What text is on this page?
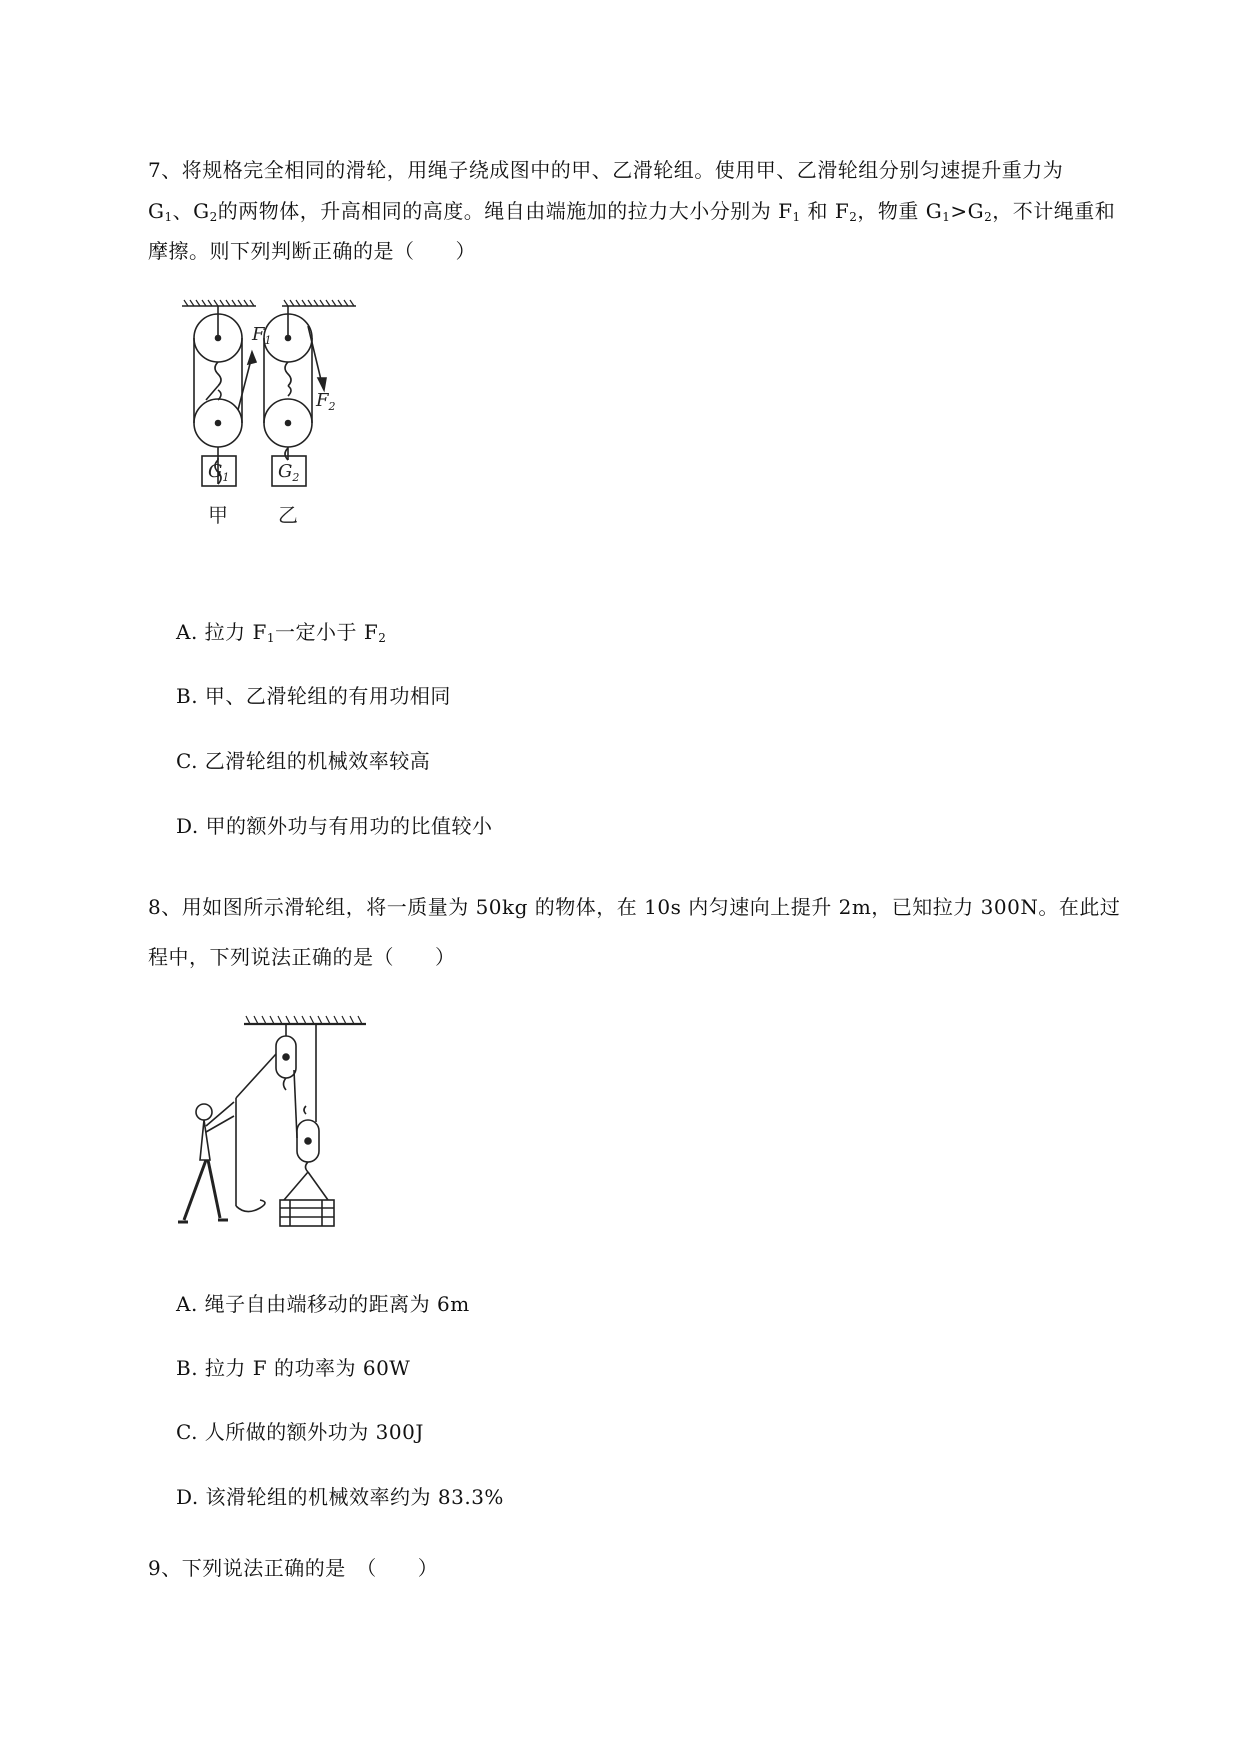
7、将规格完全相同的滑轮，用绳子绕成图中的甲、乙滑轮组。使用甲、乙滑轮组分别匀速提升重力为
$G_1$、$G_2$的两物体，升高相同的高度。绳自由端施加的拉力大小分别为 $F_1$ 和 $F_2$，物重 $G_1>G_2$，不计绳重和
摩擦。则下列判断正确的是（　　）
$F_1$
$F_2$
$G_1$	$G_2$
甲	乙
A. 拉力 $F_1$一定小于 $F_2$
B. 甲、乙滑轮组的有用功相同
C. 乙滑轮组的机械效率较高
D. 甲的额外功与有用功的比值较小
8、用如图所示滑轮组，将一质量为 50kg 的物体，在 10s 内匀速向上提升 2m，已知拉力 300N。在此过
程中，下列说法正确的是（　　）
A. 绳子自由端移动的距离为 6m
B. 拉力 F 的功率为 60W
C. 人所做的额外功为 300J
D. 该滑轮组的机械效率约为 83.3%
9、下列说法正确的是　（　　）
